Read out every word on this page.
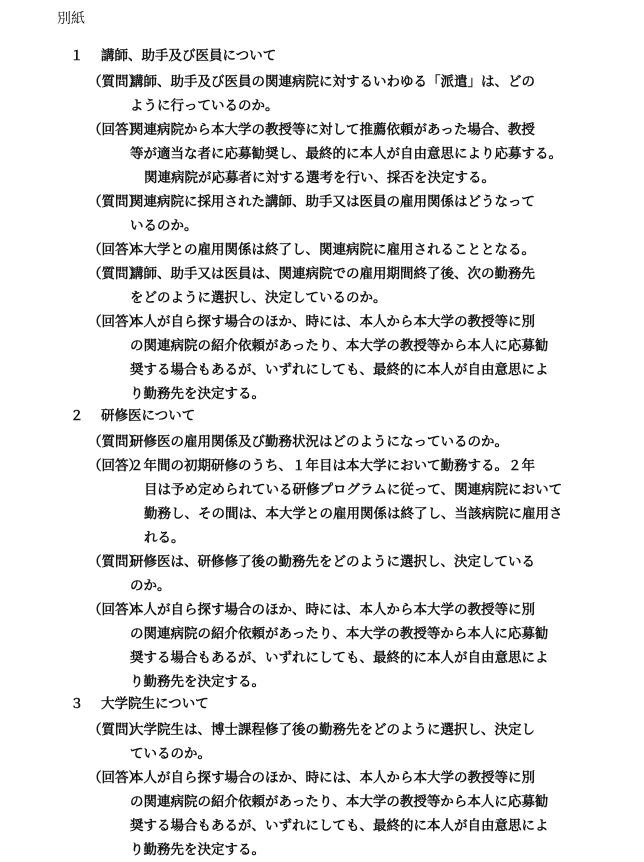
別紙
１ 講師、助手及び医員について
（質問）
講師、助手及び医員の関連病院に対するいわゆる「派遣」は、どの
ように行っているのか。
（回答）
関連病院から本大学の教授等に対して推薦依頼があった場合、教授
等が適当な者に応募勧奨し、最終的に本人が自由意思により応募する。
関連病院が応募者に対する選考を行い、採否を決定する。
（質問）
関連病院に採用された講師、助手又は医員の雇用関係はどうなって
いるのか。
（回答）
本大学との雇用関係は終了し、関連病院に雇用されることとなる。
（質問）
講師、助手又は医員は、関連病院での雇用期間終了後、次の勤務先
をどのように選択し、決定しているのか。
（回答）
本人が自ら探す場合のほか、時には、本人から本大学の教授等に別
の関連病院の紹介依頼があったり、本大学の教授等から本人に応募勧
奨する場合もあるが、いずれにしても、最終的に本人が自由意思によ
り勤務先を決定する。
２ 研修医について
（質問）
研修医の雇用関係及び勤務状況はどのようになっているのか。
（回答）
２年間の初期研修のうち、１年目は本大学において勤務する。２年
目は予め定められている研修プログラムに従って、関連病院において
勤務し、その間は、本大学との雇用関係は終了し、当該病院に雇用さ
れる。
（質問）
研修医は、研修修了後の勤務先をどのように選択し、決定している
のか。
（回答）
本人が自ら探す場合のほか、時には、本人から本大学の教授等に別
の関連病院の紹介依頼があったり、本大学の教授等から本人に応募勧
奨する場合もあるが、いずれにしても、最終的に本人が自由意思によ
り勤務先を決定する。
３ 大学院生について
（質問）
大学院生は、博士課程修了後の勤務先をどのように選択し、決定し
ているのか。
（回答）
本人が自ら探す場合のほか、時には、本人から本大学の教授等に別
の関連病院の紹介依頼があったり、本大学の教授等から本人に応募勧
奨する場合もあるが、いずれにしても、最終的に本人が自由意思によ
り勤務先を決定する。
